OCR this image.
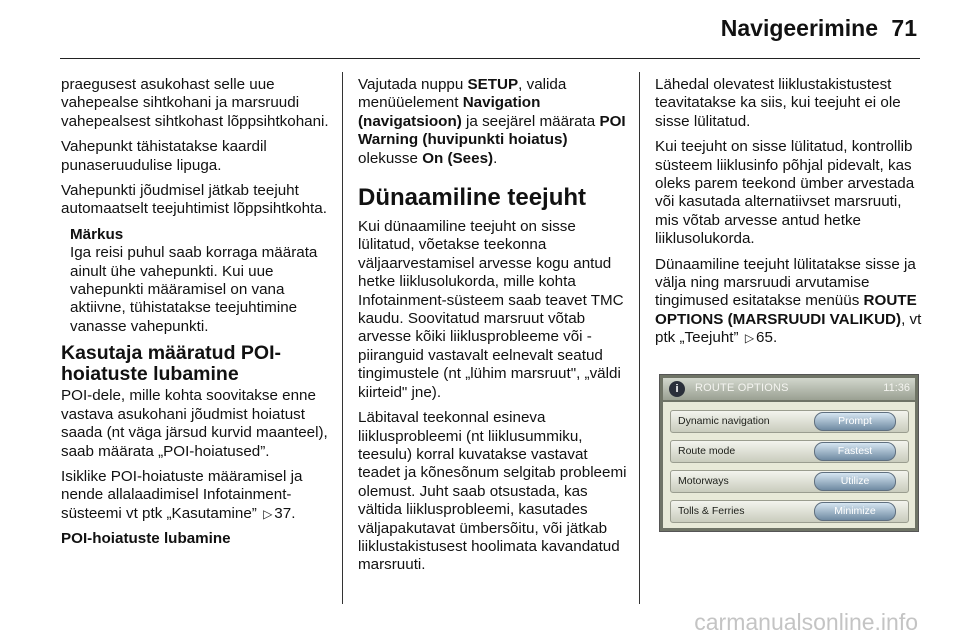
Navigeerimine 71

praegusest asukohast selle uue vahepealse sihtkohani ja marsruudi vahepealsest sihtkohast lõppsihtkohani.

Vahepunkt tähistatakse kaardil punaseruudulise lipuga.

Vahepunkti jõudmisel jätkab teejuht automaatselt teejuhtimist lõppsihtkohta.

Märkus
Iga reisi puhul saab korraga määrata ainult ühe vahepunkti. Kui uue vahepunkti määramisel on vana aktiivne, tühistatakse teejuhtimine vanasse vahepunkti.
Kasutaja määratud POI-hoiatuste lubamine

POI-dele, mille kohta soovitakse enne vastava asukohani jõudmist hoiatust saada (nt väga järsud kurvid maanteel), saab määrata „POI-hoiatused”.

Isiklike POI-hoiatuste määramisel ja nende allalaadimisel Infotainment-süsteemi vt ptk „Kasutamine” ▷ 37.

POI-hoiatuste lubamine

Vajutada nuppu SETUP, valida menüüelement Navigation (navigatsioon) ja seejärel määrata POI Warning (huvipunkti hoiatus) olekusse On (Sees).

Dünaamiline teejuht

Kui dünaamiline teejuht on sisse lülitatud, võetakse teekonna väljaarvestamisel arvesse kogu antud hetke liiklusolukorda, mille kohta Infotainment-süsteem saab teavet TMC kaudu. Soovitatud marsruut võtab arvesse kõiki liiklusprobleeme või -piiranguid vastavalt eelnevalt seatud tingimustele (nt „lühim marsruut", „väldi kiirteid" jne).

Läbitaval teekonnal esineva liiklusprobleemi (nt liiklusummiku, teesulu) korral kuvatakse vastavat teadet ja kõnesõnum selgitab probleemi olemust. Juht saab otsustada, kas vältida liiklusprobleemi, kasutades väljapakutavat ümbersõitu, või jätkab liiklustakistusest hoolimata kavandatud marsruuti.

Lähedal olevatest liiklustakistustest teavitatakse ka siis, kui teejuht ei ole sisse lülitatud.

Kui teejuht on sisse lülitatud, kontrollib süsteem liiklusinfo põhjal pidevalt, kas oleks parem teekond ümber arvestada või kasutada alternatiivset marsruuti, mis võtab arvesse antud hetke liiklusolukorda.

Dünaamiline teejuht lülitatakse sisse ja välja ning marsruudi arvutamise tingimused esitatakse menüüs ROUTE OPTIONS (MARSRUUDI VALIKUD), vt ptk „Teejuht” ▷ 65.

i	ROUTE OPTIONS	11:36
Dynamic navigation	Prompt
Route mode	Fastest
Motorways	Utilize
Tolls & Ferries	Minimize
carmanualsonline.info
